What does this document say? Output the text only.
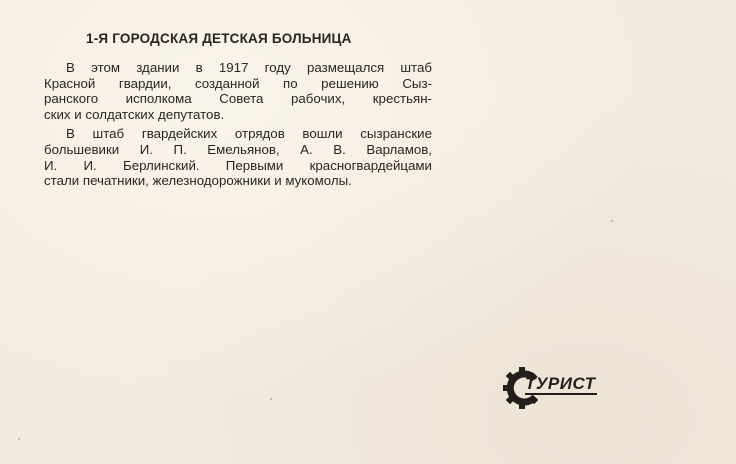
1-Я ГОРОДСКАЯ ДЕТСКАЯ БОЛЬНИЦА
В этом здании в 1917 году размещался штаб
Красной гвардии, созданной по решению Сыз-
ранского исполкома Совета рабочих, крестьян-
ских и солдатских депутатов.
В штаб гвардейских отрядов вошли сызранские
большевики И. П. Емельянов, А. В. Варламов,
И. И. Берлинский. Первыми красногвардейцами
стали печатники, железнодорожники и мукомолы.
ТУРИСТ
